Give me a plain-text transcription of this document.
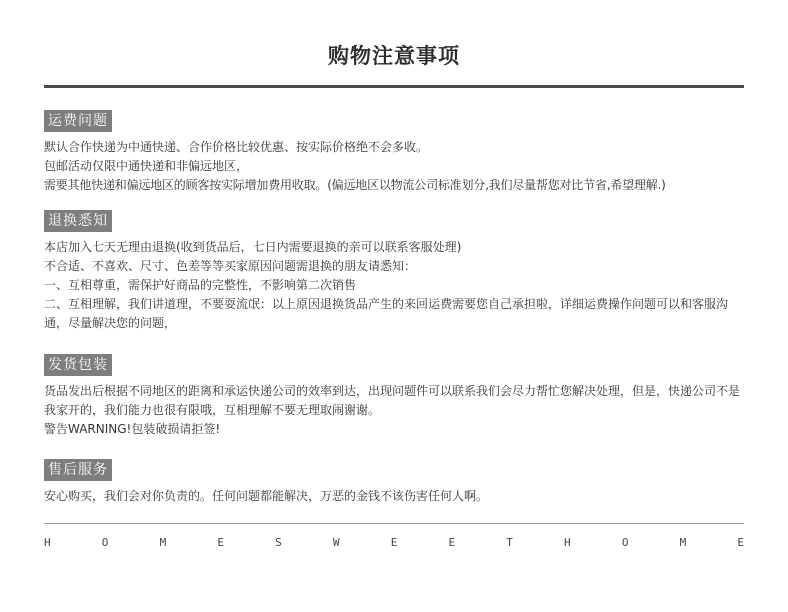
购物注意事项
运费问题
默认合作快递为中通快递、合作价格比较优惠、按实际价格绝不会多收。
包邮活动仅限中通快递和非偏远地区，
需要其他快递和偏远地区的顾客按实际增加费用收取。(偏远地区以物流公司标准划分,我们尽量帮您对比节省,希望理解.)
退换悉知
本店加入七天无理由退换(收到货品后，七日内需要退换的亲可以联系客服处理)
不合适、不喜欢、尺寸、色差等等买家原因问题需退换的朋友请悉知：
一、互相尊重，需保护好商品的完整性，不影响第二次销售
二、互相理解，我们讲道理，不要耍流氓：以上原因退换货品产生的来回运费需要您自己承担啦，详细运费操作问题可以和客服沟通，尽量解决您的问题，
发货包装
货品发出后根据不同地区的距离和承运快递公司的效率到达，出现问题件可以联系我们会尽力帮忙您解决处理，但是，快递公司不是我家开的，我们能力也很有限哦，互相理解不要无理取闹谢谢。
警告WARNING!包装破损请拒签!
售后服务
安心购买，我们会对你负责的。任何问题都能解决，万恶的金钱不该伤害任何人啊。
H	O	M	E	S	W	E	E	T	H	O	M	E
